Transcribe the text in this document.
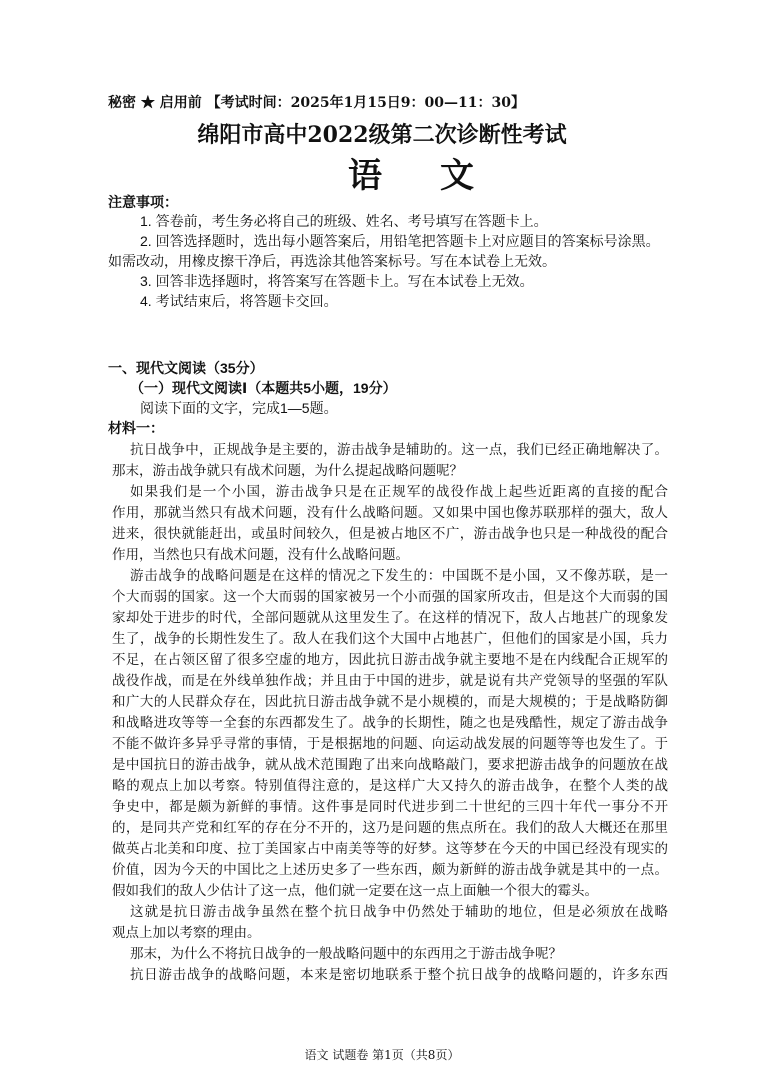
秘密 ★ 启用前 【考试时间：2025年1月15日9：00—11：30】
绵阳市高中2022级第二次诊断性考试
语文
注意事项：
1. 答卷前，考生务必将自己的班级、姓名、考号填写在答题卡上。
2. 回答选择题时，选出每小题答案后，用铅笔把答题卡上对应题目的答案标号涂黑。
如需改动，用橡皮擦干净后，再选涂其他答案标号。写在本试卷上无效。
3. 回答非选择题时，将答案写在答题卡上。写在本试卷上无效。
4. 考试结束后，将答题卡交回。
一、现代文阅读（35分）
（一）现代文阅读Ⅰ（本题共5小题，19分）
阅读下面的文字，完成1—5题。
材料一：
抗日战争中，正规战争是主要的，游击战争是辅助的。这一点，我们已经正确地解决了。
那末，游击战争就只有战术问题，为什么提起战略问题呢？
如果我们是一个小国，游击战争只是在正规军的战役作战上起些近距离的直接的配合
作用，那就当然只有战术问题，没有什么战略问题。又如果中国也像苏联那样的强大，敌人
进来，很快就能赶出，或虽时间较久，但是被占地区不广，游击战争也只是一种战役的配合
作用，当然也只有战术问题，没有什么战略问题。
游击战争的战略问题是在这样的情况之下发生的：中国既不是小国，又不像苏联，是一
个大而弱的国家。这一个大而弱的国家被另一个小而强的国家所攻击，但是这个大而弱的国
家却处于进步的时代，全部问题就从这里发生了。在这样的情况下，敌人占地甚广的现象发
生了，战争的长期性发生了。敌人在我们这个大国中占地甚广，但他们的国家是小国，兵力
不足，在占领区留了很多空虚的地方，因此抗日游击战争就主要地不是在内线配合正规军的
战役作战，而是在外线单独作战；并且由于中国的进步，就是说有共产党领导的坚强的军队
和广大的人民群众存在，因此抗日游击战争就不是小规模的，而是大规模的；于是战略防御
和战略进攻等等一全套的东西都发生了。战争的长期性，随之也是残酷性，规定了游击战争
不能不做许多异乎寻常的事情，于是根据地的问题、向运动战发展的问题等等也发生了。于
是中国抗日的游击战争，就从战术范围跑了出来向战略敲门，要求把游击战争的问题放在战
略的观点上加以考察。特别值得注意的，是这样广大又持久的游击战争，在整个人类的战
争史中，都是颇为新鲜的事情。这件事是同时代进步到二十世纪的三四十年代一事分不开
的，是同共产党和红军的存在分不开的，这乃是问题的焦点所在。我们的敌人大概还在那里
做英占北美和印度、拉丁美国家占中南美等等的好梦。这等梦在今天的中国已经没有现实的
价值，因为今天的中国比之上述历史多了一些东西，颇为新鲜的游击战争就是其中的一点。
假如我们的敌人少估计了这一点，他们就一定要在这一点上面触一个很大的霉头。
这就是抗日游击战争虽然在整个抗日战争中仍然处于辅助的地位，但是必须放在战略
观点上加以考察的理由。
那末，为什么不将抗日战争的一般战略问题中的东西用之于游击战争呢？
抗日游击战争的战略问题，本来是密切地联系于整个抗日战争的战略问题的，许多东西
语文 试题卷 第1页（共8页）
